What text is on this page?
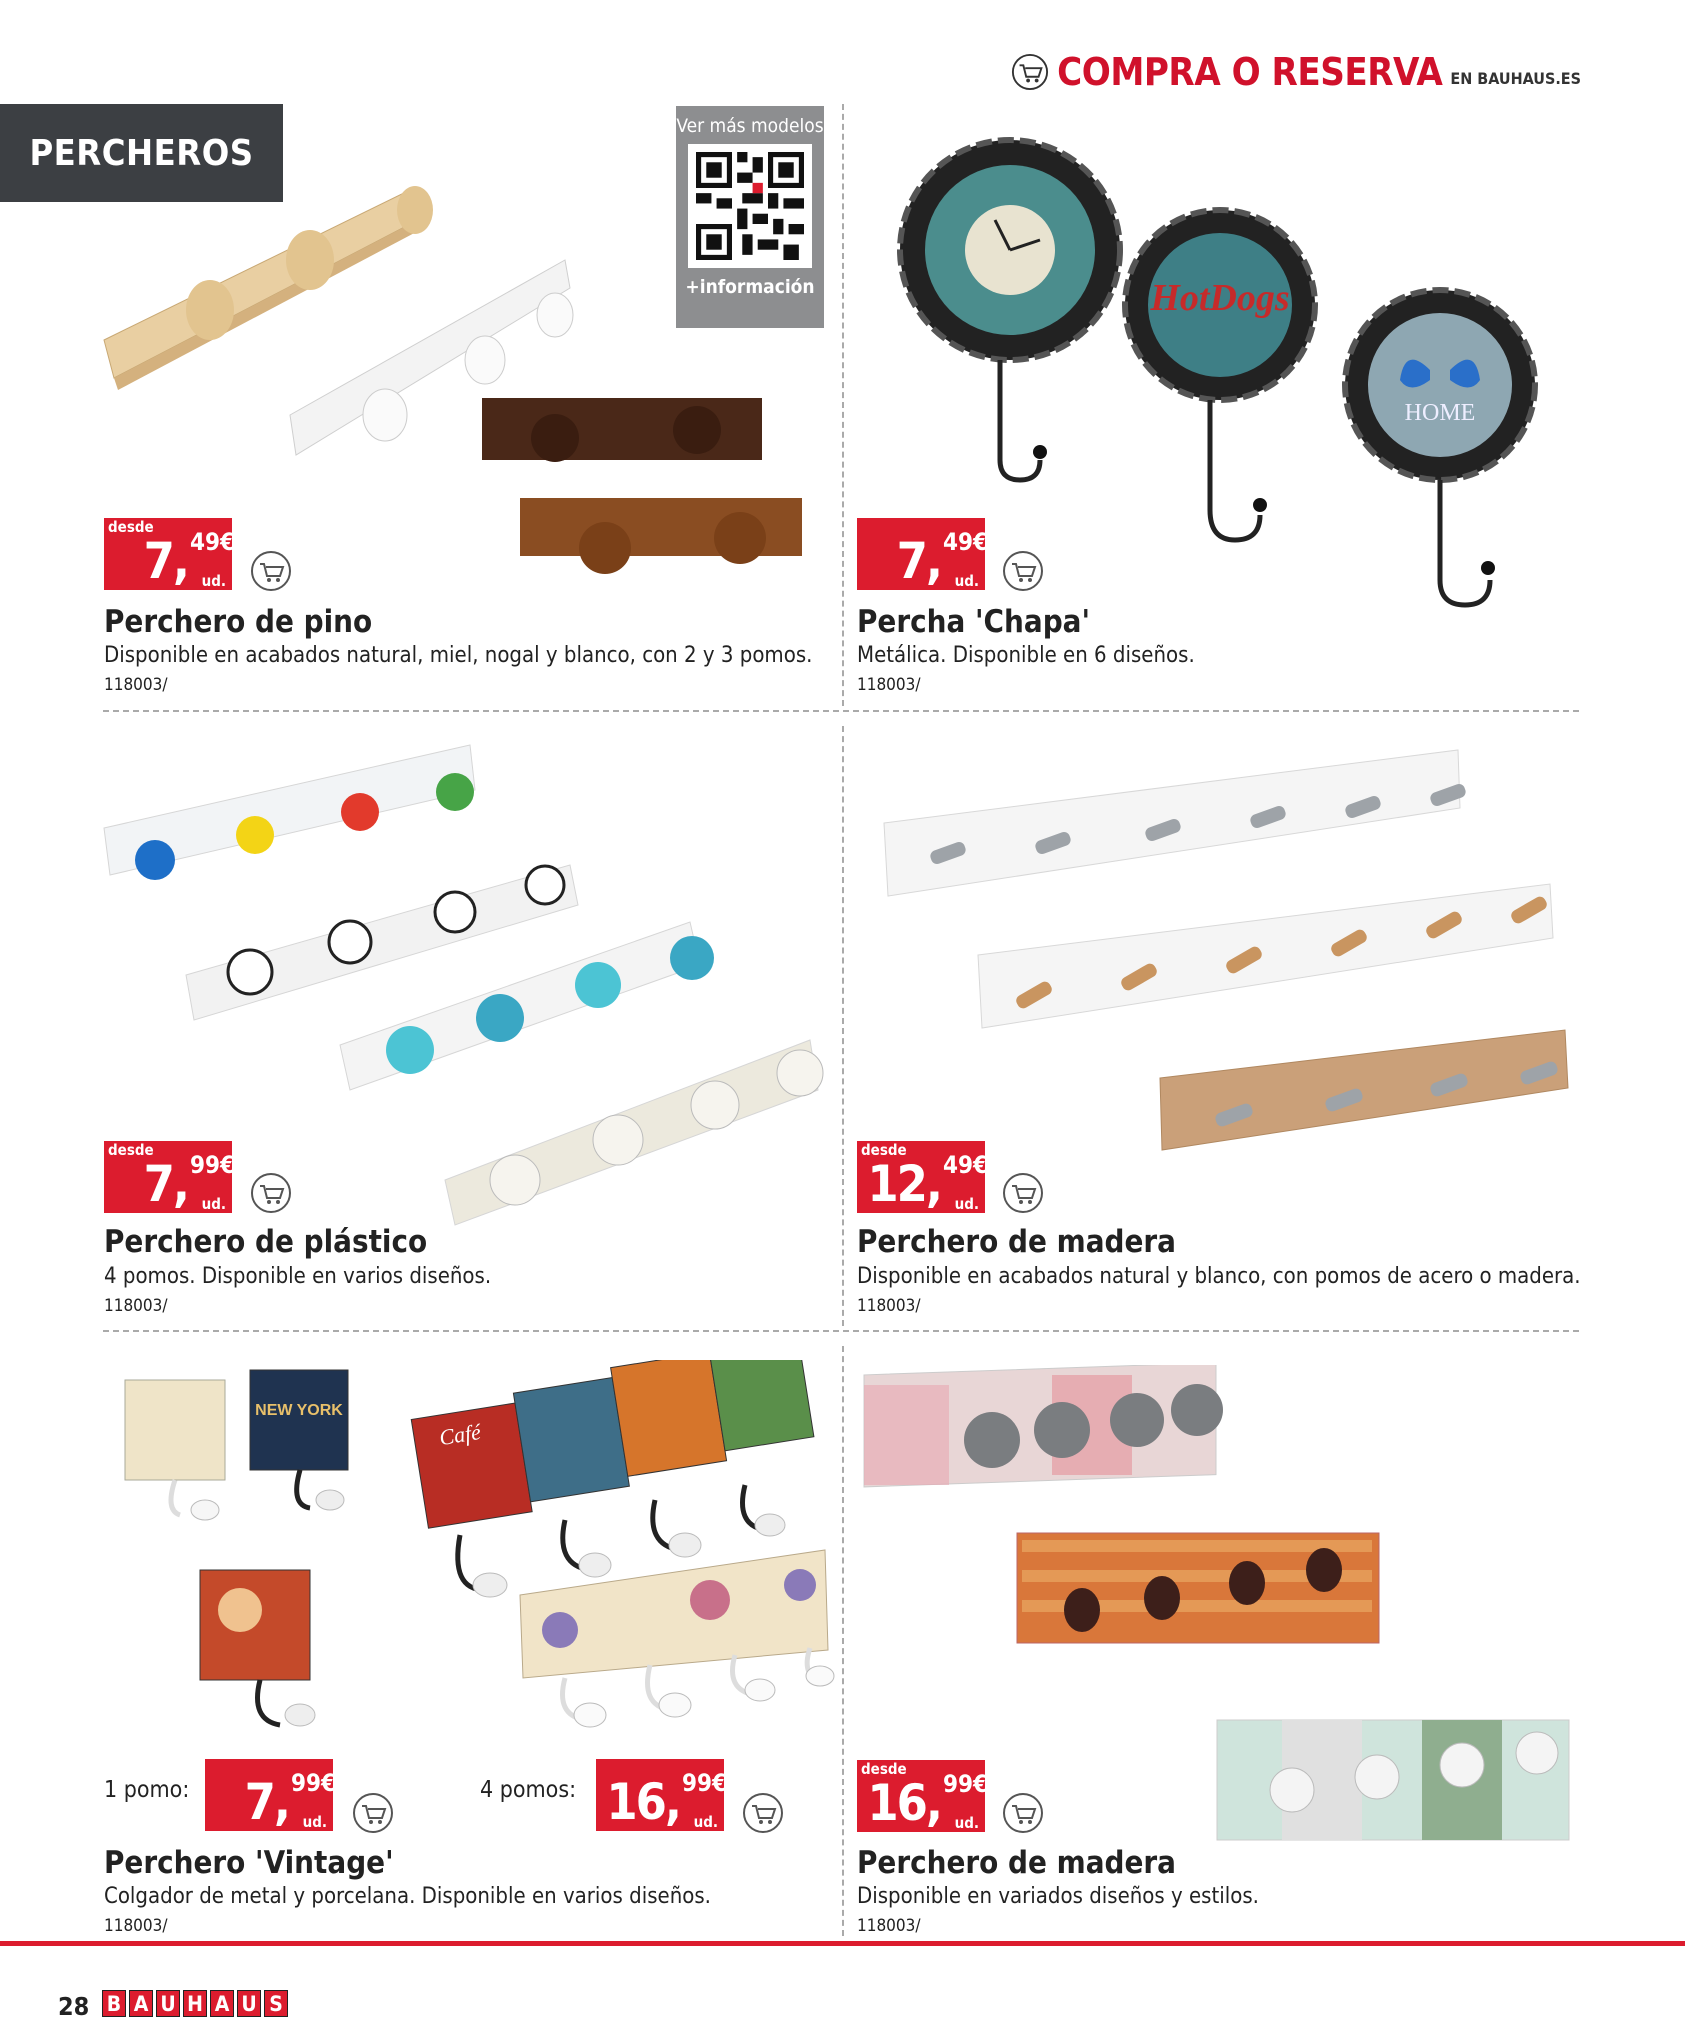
PERCHEROS
COMPRA O RESERVA EN BAUHAUS.ES
Ver más modelos
+información
desde
7, 49€
ud.
Perchero de pino
Disponible en acabados natural, miel, nogal y blanco, con 2 y 3 pomos.
118003/
HotDogs
HOME
7, 49€
ud.
Percha 'Chapa'
Metálica. Disponible en 6 diseños.
118003/
desde
7, 99€
ud.
Perchero de plástico
4 pomos. Disponible en varios diseños.
118003/
desde
12, 49€
ud.
Perchero de madera
Disponible en acabados natural y blanco, con pomos de acero o madera.
118003/
NEW YORK
Café
1 pomo: 7, 99€
ud.
4 pomos: 16, 99€
ud.
Perchero 'Vintage'
Colgador de metal y porcelana. Disponible en varios diseños.
118003/
desde
16, 99€
ud.
Perchero de madera
Disponible en variados diseños y estilos.
118003/
28 B A U H A U S
